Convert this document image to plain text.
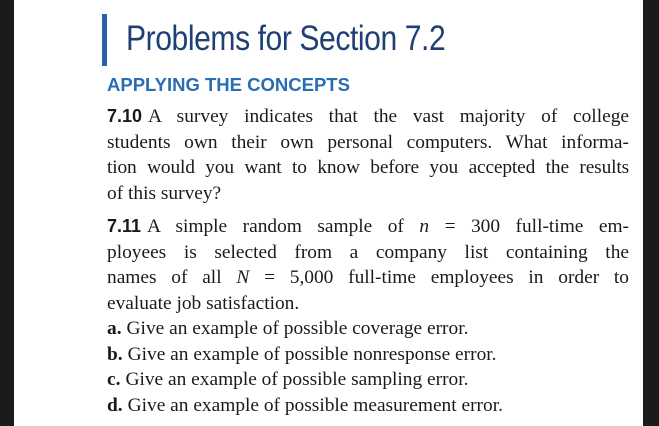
Problems for Section 7.2
APPLYING THE CONCEPTS
7.10 A survey indicates that the vast majority of college
students own their own personal computers. What informa-
tion would you want to know before you accepted the results
of this survey?
7.11 A simple random sample of n = 300 full-time em-
ployees is selected from a company list containing the
names of all N = 5,000 full-time employees in order to
evaluate job satisfaction.
a. Give an example of possible coverage error.
b. Give an example of possible nonresponse error.
c. Give an example of possible sampling error.
d. Give an example of possible measurement error.
